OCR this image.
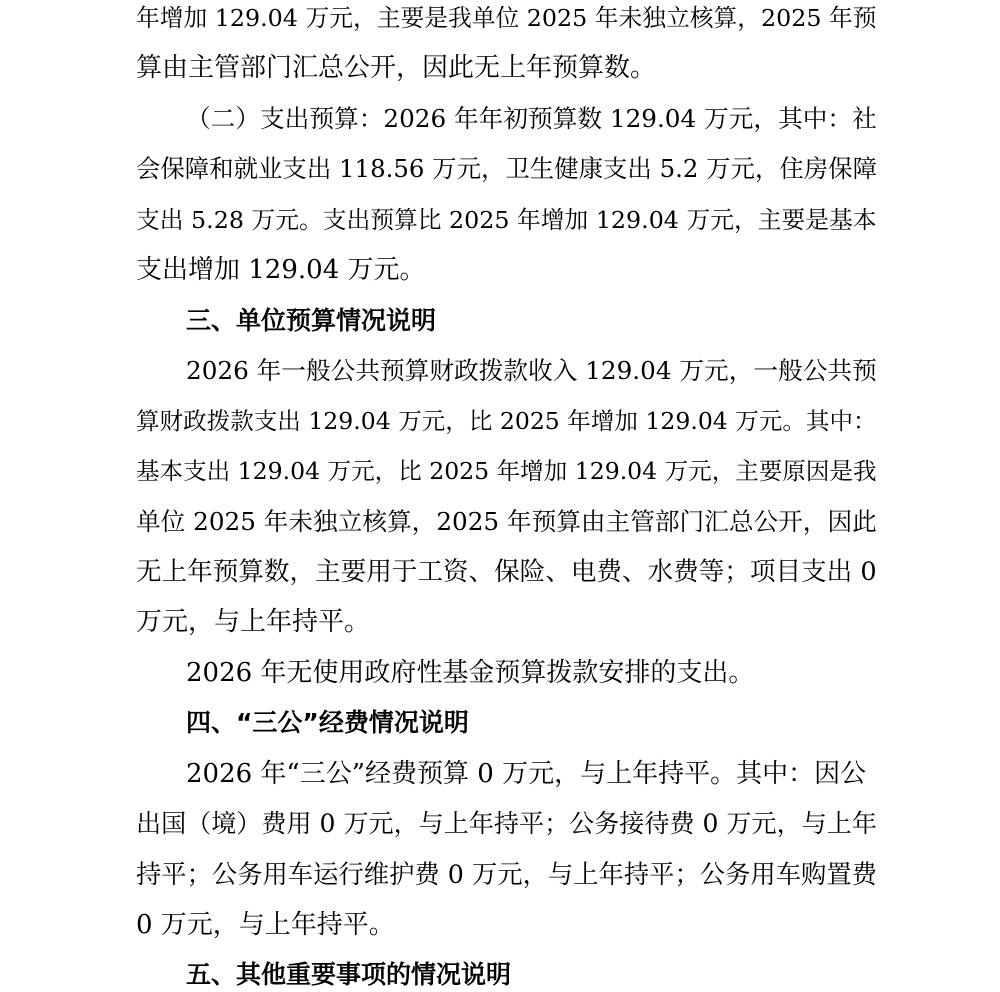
年增加 129.04 万元，主要是我单位 2025 年未独立核算，2025 年预
算由主管部门汇总公开，因此无上年预算数。
（二）支出预算：2026 年年初预算数 129.04 万元，其中：社
会保障和就业支出 118.56 万元，卫生健康支出 5.2 万元，住房保障
支出 5.28 万元。支出预算比 2025 年增加 129.04 万元，主要是基本
支出增加 129.04 万元。
三、单位预算情况说明
2026 年一般公共预算财政拨款收入 129.04 万元，一般公共预
算财政拨款支出 129.04 万元，比 2025 年增加 129.04 万元。其中：
基本支出 129.04 万元，比 2025 年增加 129.04 万元，主要原因是我
单位 2025 年未独立核算，2025 年预算由主管部门汇总公开，因此
无上年预算数，主要用于工资、保险、电费、水费等；项目支出 0
万元，与上年持平。
2026 年无使用政府性基金预算拨款安排的支出。
四、“三公”经费情况说明
2026 年“三公”经费预算 0 万元，与上年持平。其中：因公
出国（境）费用 0 万元，与上年持平；公务接待费 0 万元，与上年
持平；公务用车运行维护费 0 万元，与上年持平；公务用车购置费
0 万元，与上年持平。
五、其他重要事项的情况说明
